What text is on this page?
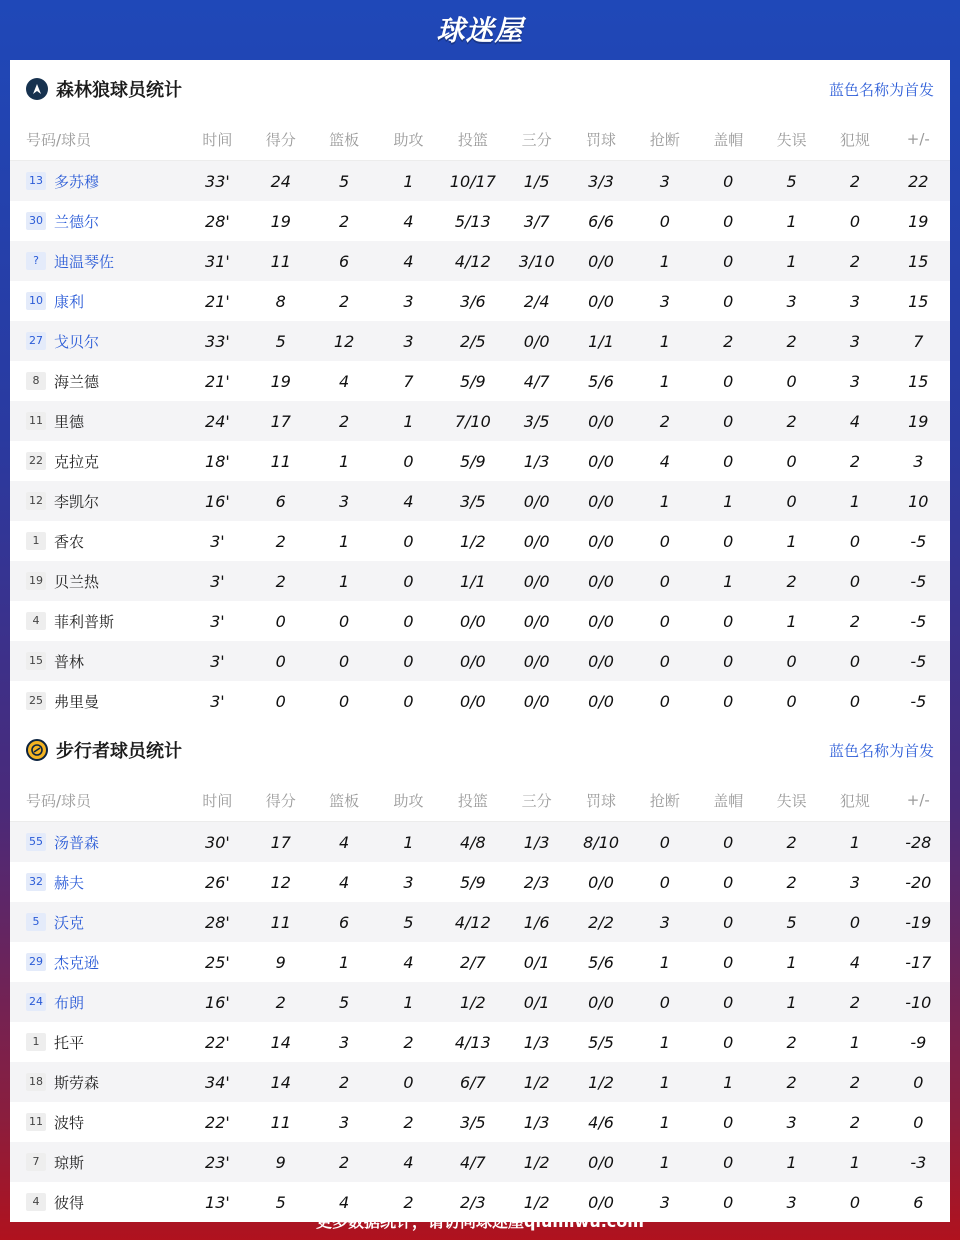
球迷屋
森林狼球员统计	蓝色名称为首发
号码/球员	时间	得分	篮板	助攻	投篮	三分	罚球	抢断	盖帽	失误	犯规	+/-
13 多苏穆	33'	24	5	1	10/17	1/5	3/3	3	0	5	2	22
30 兰德尔	28'	19	2	4	5/13	3/7	6/6	0	0	1	0	19
? 迪温琴佐	31'	11	6	4	4/12	3/10	0/0	1	0	1	2	15
10 康利	21'	8	2	3	3/6	2/4	0/0	3	0	3	3	15
27 戈贝尔	33'	5	12	3	2/5	0/0	1/1	1	2	2	3	7
8 海兰德	21'	19	4	7	5/9	4/7	5/6	1	0	0	3	15
11 里德	24'	17	2	1	7/10	3/5	0/0	2	0	2	4	19
22 克拉克	18'	11	1	0	5/9	1/3	0/0	4	0	0	2	3
12 李凯尔	16'	6	3	4	3/5	0/0	0/0	1	1	0	1	10
1 香农	3'	2	1	0	1/2	0/0	0/0	0	0	1	0	-5
19 贝兰热	3'	2	1	0	1/1	0/0	0/0	0	1	2	0	-5
4 菲利普斯	3'	0	0	0	0/0	0/0	0/0	0	0	1	2	-5
15 普林	3'	0	0	0	0/0	0/0	0/0	0	0	0	0	-5
25 弗里曼	3'	0	0	0	0/0	0/0	0/0	0	0	0	0	-5
步行者球员统计	蓝色名称为首发
号码/球员	时间	得分	篮板	助攻	投篮	三分	罚球	抢断	盖帽	失误	犯规	+/-
55 汤普森	30'	17	4	1	4/8	1/3	8/10	0	0	2	1	-28
32 赫夫	26'	12	4	3	5/9	2/3	0/0	0	0	2	3	-20
5 沃克	28'	11	6	5	4/12	1/6	2/2	3	0	5	0	-19
29 杰克逊	25'	9	1	4	2/7	0/1	5/6	1	0	1	4	-17
24 布朗	16'	2	5	1	1/2	0/1	0/0	0	0	1	2	-10
1 托平	22'	14	3	2	4/13	1/3	5/5	1	0	2	1	-9
18 斯劳森	34'	14	2	0	6/7	1/2	1/2	1	1	2	2	0
11 波特	22'	11	3	2	3/5	1/3	4/6	1	0	3	2	0
7 琼斯	23'	9	2	4	4/7	1/2	0/0	1	0	1	1	-3
4 彼得	13'	5	4	2	2/3	1/2	0/0	3	0	3	0	6
更多数据统计，请访问球迷屋qiumiwu.com
